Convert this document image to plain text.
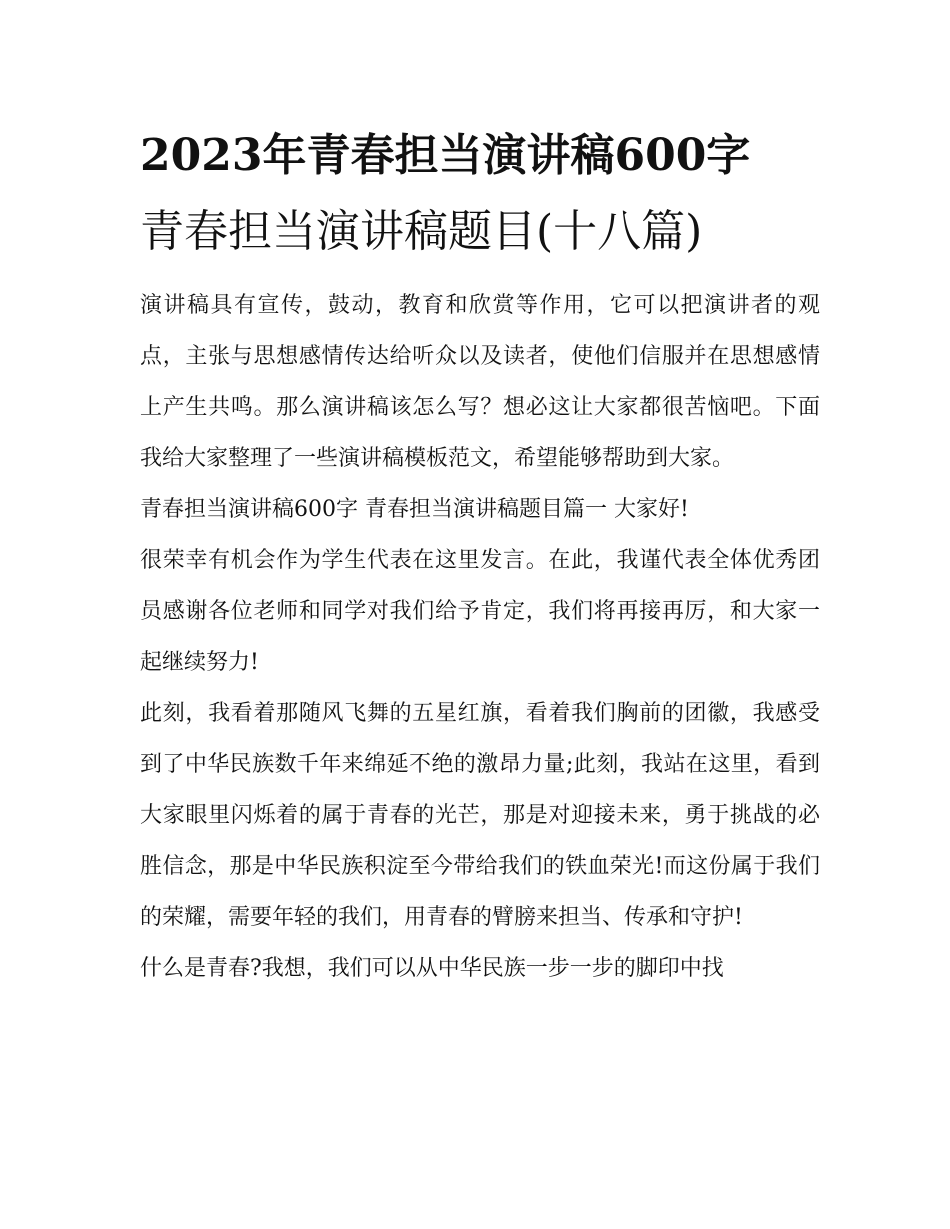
2023年青春担当演讲稿600字
青春担当演讲稿题目(十八篇)

演讲稿具有宣传，鼓动，教育和欣赏等作用，它可以把演讲者的观点，主张与思想感情传达给听众以及读者，使他们信服并在思想感情上产生共鸣。那么演讲稿该怎么写？想必这让大家都很苦恼吧。下面我给大家整理了一些演讲稿模板范文，希望能够帮助到大家。

青春担当演讲稿600字 青春担当演讲稿题目篇一 大家好!

很荣幸有机会作为学生代表在这里发言。在此，我谨代表全体优秀团员感谢各位老师和同学对我们给予肯定，我们将再接再厉，和大家一起继续努力!

此刻，我看着那随风飞舞的五星红旗，看着我们胸前的团徽，我感受到了中华民族数千年来绵延不绝的激昂力量;此刻，我站在这里，看到大家眼里闪烁着的属于青春的光芒，那是对迎接未来，勇于挑战的必胜信念，那是中华民族积淀至今带给我们的铁血荣光!而这份属于我们的荣耀，需要年轻的我们，用青春的臂膀来担当、传承和守护!

什么是青春?我想，我们可以从中华民族一步一步的脚印中找
